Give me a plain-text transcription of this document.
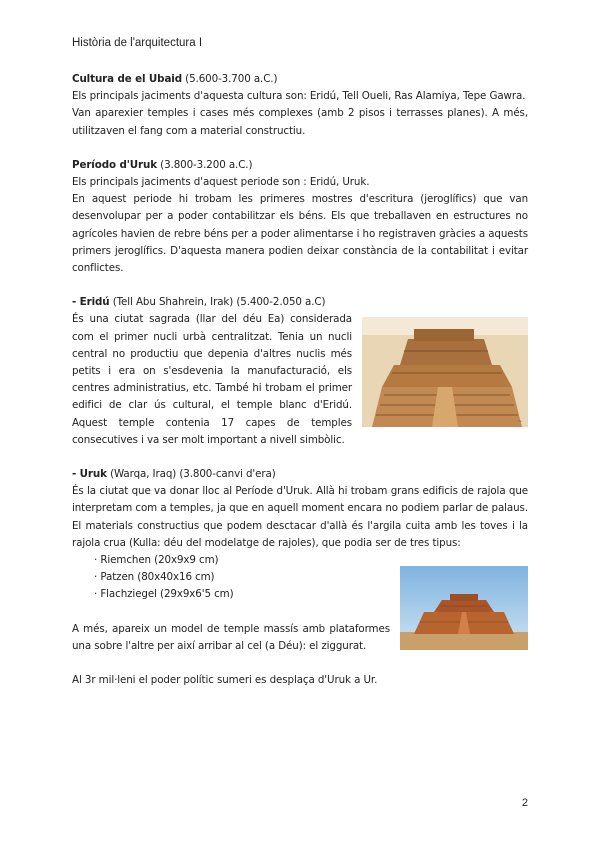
Història de l'arquitectura I

Cultura de el Ubaid (5.600-3.700 a.C.)

Els principals jaciments d'aquesta cultura son: Eridú, Tell Oueli, Ras Alamiya, Tepe Gawra.

Van aparexier temples i cases més complexes (amb 2 pisos i terrasses planes). A més, utilitzaven el fang com a material constructiu.

Período d'Uruk (3.800-3.200 a.C.)

Els principals jaciments d'aquest periode son : Eridú, Uruk.

En aquest periode hi trobam les primeres mostres d'escritura (jeroglífics) que van desenvolupar per a poder contabilitzar els béns. Els que treballaven en estructures no agrícoles havien de rebre béns per a poder alimentarse i ho registraven gràcies a aquests primers jeroglífics. D'aquesta manera podien deixar constància de la contabilitat i evitar conflictes.

- Eridú (Tell Abu Shahrein, Irak) (5.400-2.050 a.C)

~

És una ciutat sagrada (llar del déu Ea) considerada com el primer nucli urbà centralitzat. Tenia un nucli central no productiu que depenia d'altres nuclis més petits i era on s'esdevenia la manufacturació, els centres administratius, etc. També hi trobam el primer edifici de clar ús cultural, el temple blanc d'Eridú. Aquest temple contenia 17 capes de temples consecutives i va ser molt important a nivell simbòlic.

- Uruk (Warqa, Iraq) (3.800-canvi d'era)

És la ciutat que va donar lloc al Període d'Uruk. Allà hi trobam grans edificis de rajola que interpretam com a temples, ja que en aquell moment encara no podiem parlar de palaus. El materials constructius que podem desctacar d'allà és l'argila cuita amb les toves i la rajola crua (Kulla: déu del modelatge de rajoles), que podia ser de tres tipus:

· Riemchen (20x9x9 cm)

· Patzen (80x40x16 cm)

· Flachziegel (29x9x6'5 cm)

A més, apareix un model de temple massís amb plataformes una sobre l'altre per així arribar al cel (a Déu): el ziggurat.

Al 3r mil·leni el poder polític sumeri es desplaça d'Uruk a Ur.

2
